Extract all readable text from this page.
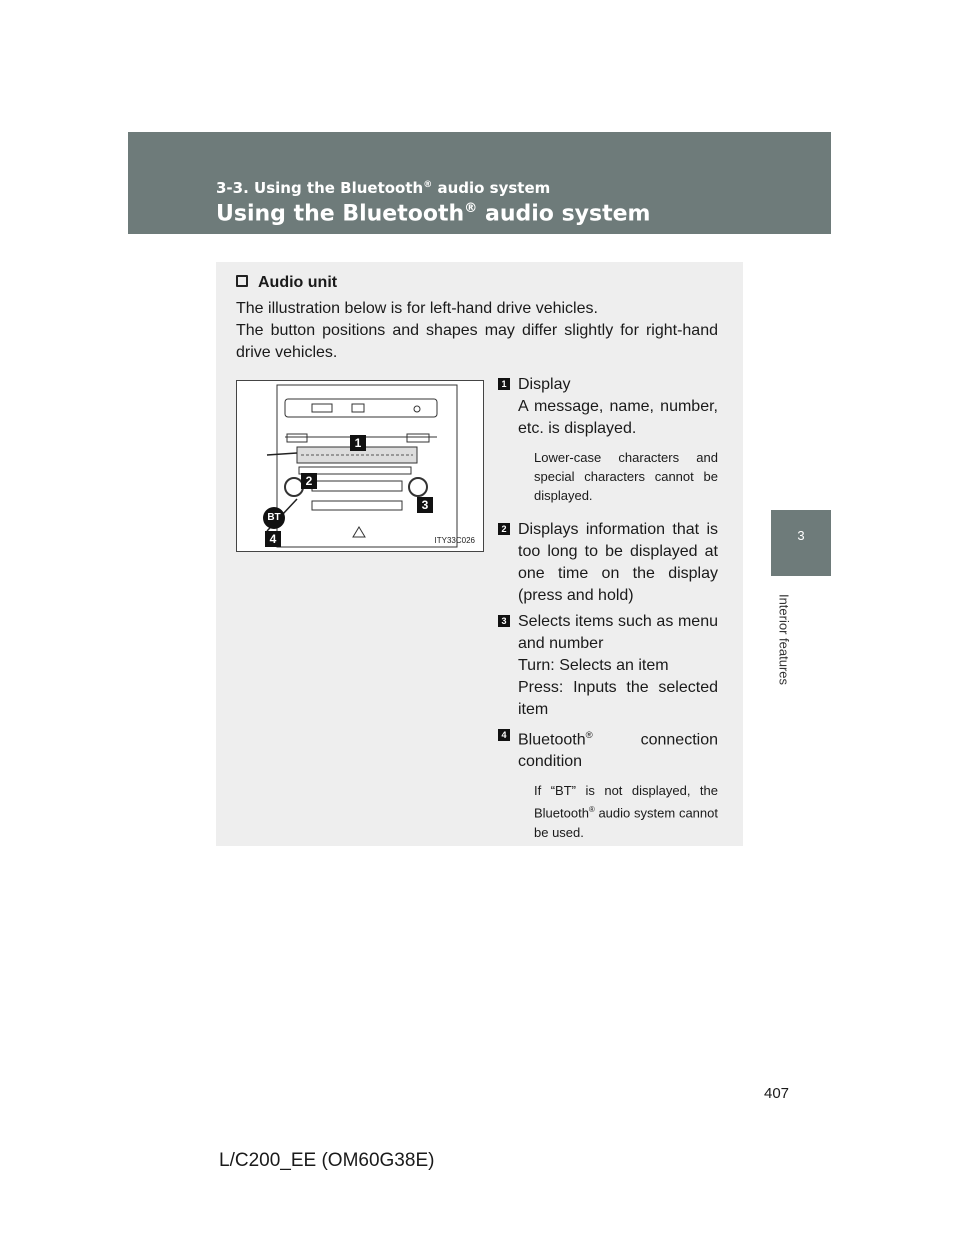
3-3. Using the Bluetooth® audio system
Using the Bluetooth® audio system
3
Interior features
Audio unit

The illustration below is for left-hand drive vehicles.

The button positions and shapes may differ slightly for right-hand drive vehicles.

1
2
3
BT
4	ITY33C026
1 Display
A message, name, number, etc. is displayed.
Lower-case characters and special characters cannot be displayed.
2 Displays information that is too long to be displayed at one time on the display (press and hold)
3 Selects items such as menu and number
Turn: Selects an item
Press: Inputs the selected item
4 Bluetooth® connection condition
If “BT” is not displayed, the Bluetooth® audio system cannot be used.
407
L/C200_EE (OM60G38E)
